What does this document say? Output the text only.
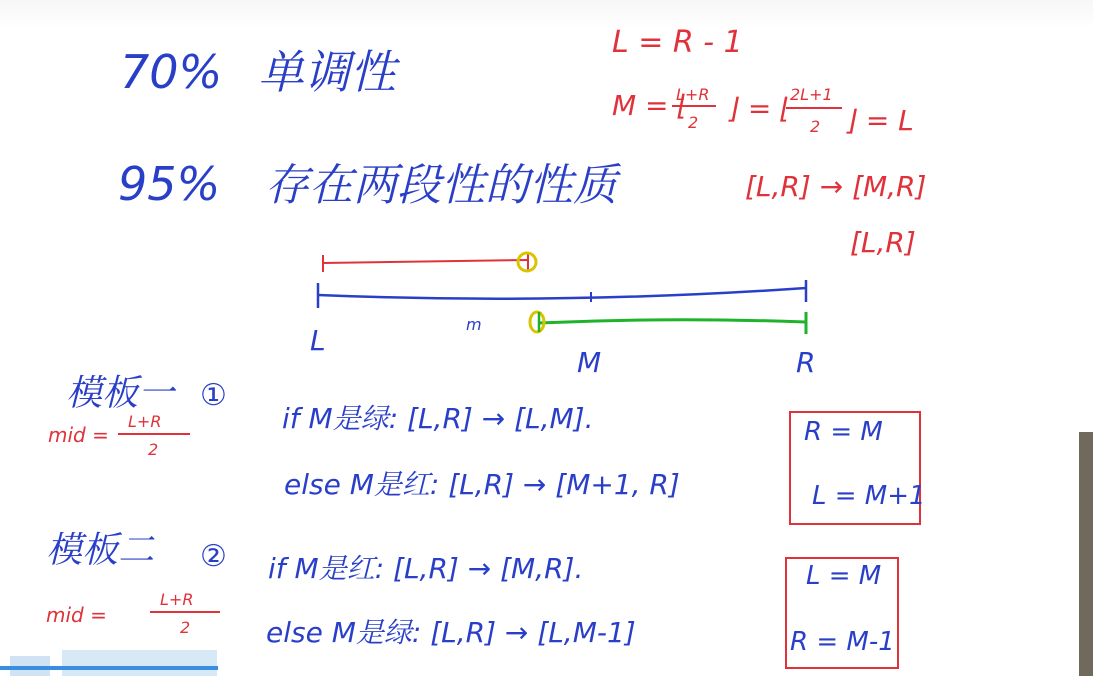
70% 单调性
95% 存在两段性的性质
L = R - 1
M = ⌊
L+R
2 ⌋ = ⌊
2L+1
2 ⌋ = L
[L,R] → [M,R]
[L,R]
L	m
M	R
模板一 ①
mid =
L+R
2
if M是绿: [L,R] → [L,M].
else M是红: [L,R] → [M+1, R]
R = M
L = M+1
模板二 ②
mid =
L+R
2
if M是红: [L,R] → [M,R].
else M是绿: [L,R] → [L,M-1]
L = M
R = M-1
